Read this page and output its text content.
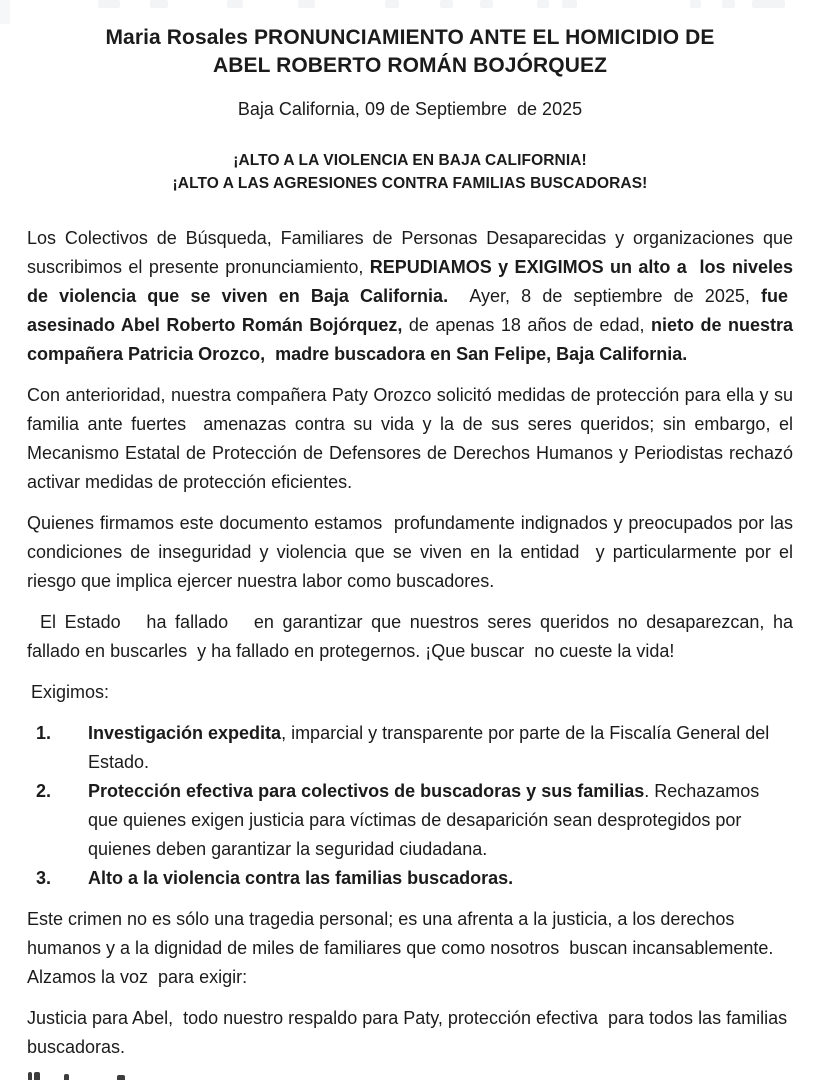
Maria Rosales PRONUNCIAMIENTO ANTE EL HOMICIDIO DE
ABEL ROBERTO ROMÁN BOJÓRQUEZ
Baja California, 09 de Septiembre  de 2025
¡ALTO A LA VIOLENCIA EN BAJA CALIFORNIA!
¡ALTO A LAS AGRESIONES CONTRA FAMILIAS BUSCADORAS!

Los Colectivos de Búsqueda, Familiares de Personas Desaparecidas y organizaciones que suscribimos el presente pronunciamiento, REPUDIAMOS y EXIGIMOS un alto a  los niveles de violencia que se viven en Baja California.  Ayer, 8 de septiembre de 2025, fue  asesinado Abel Roberto Román Bojórquez, de apenas 18 años de edad, nieto de nuestra compañera Patricia Orozco,  madre buscadora en San Felipe, Baja California.

Con anterioridad, nuestra compañera Paty Orozco solicitó medidas de protección para ella y su familia ante fuertes  amenazas contra su vida y la de sus seres queridos; sin embargo, el Mecanismo Estatal de Protección de Defensores de Derechos Humanos y Periodistas rechazó activar medidas de protección eficientes.

Quienes firmamos este documento estamos  profundamente indignados y preocupados por las condiciones de inseguridad y violencia que se viven en la entidad  y particularmente por el riesgo que implica ejercer nuestra labor como buscadores.

El Estado   ha fallado   en garantizar que nuestros seres queridos no desaparezcan, ha fallado en buscarles  y ha fallado en protegernos. ¡Que buscar  no cueste la vida!

Exigimos:

1.	Investigación expedita, imparcial y transparente por parte de la Fiscalía General del Estado.
2.	Protección efectiva para colectivos de buscadoras y sus familias. Rechazamos que quienes exigen justicia para víctimas de desaparición sean desprotegidos por quienes deben garantizar la seguridad ciudadana.
3.	Alto a la violencia contra las familias buscadoras.

Este crimen no es sólo una tragedia personal; es una afrenta a la justicia, a los derechos humanos y a la dignidad de miles de familiares que como nosotros  buscan incansablemente.  Alzamos la voz  para exigir:

Justicia para Abel,  todo nuestro respaldo para Paty, protección efectiva  para todos las familias  buscadoras.
